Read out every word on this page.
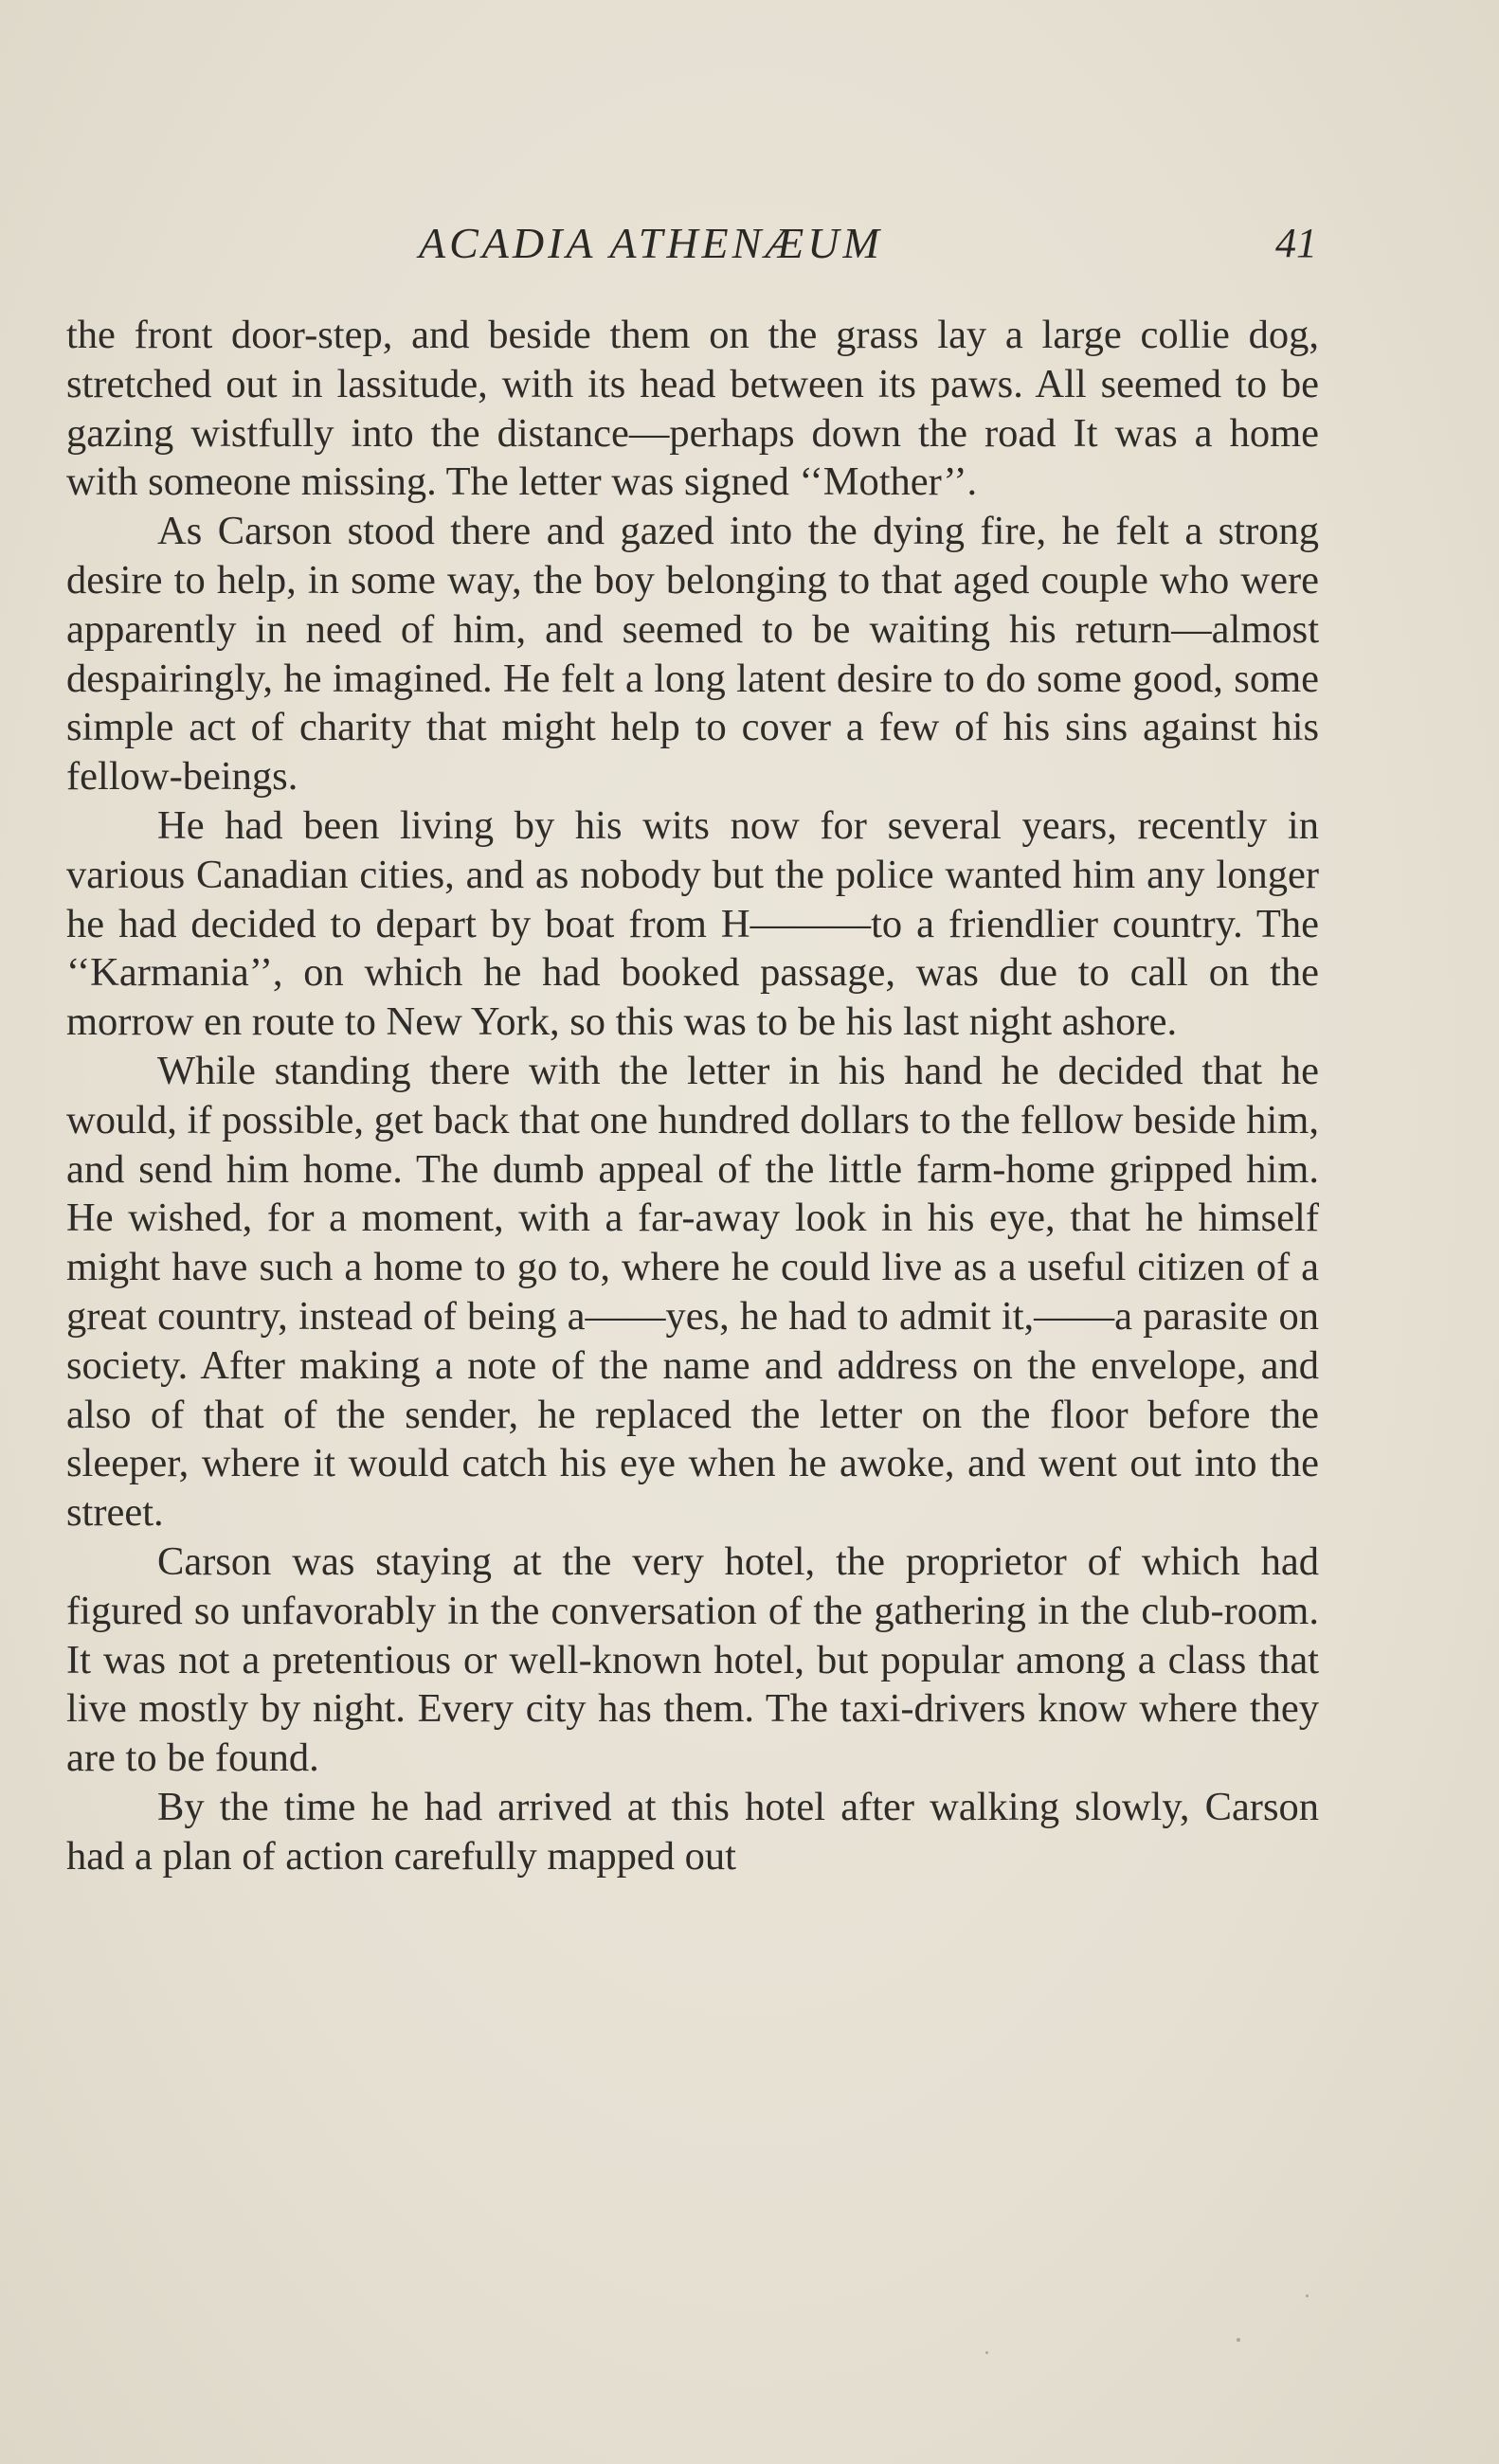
ACADIA ATHENÆUM	41

the front door-step, and beside them on the grass lay a large collie dog, stretched out in lassitude, with its head between its paws. All seemed to be gazing wistfully into the distance—perhaps down the road It was a home with someone missing. The letter was signed ‘‘Mother’’.

As Carson stood there and gazed into the dying fire, he felt a strong desire to help, in some way, the boy belonging to that aged couple who were apparently in need of him, and seemed to be waiting his return—almost despairingly, he imagined. He felt a long latent desire to do some good, some simple act of charity that might help to cover a few of his sins against his fellow-beings.

He had been living by his wits now for several years, recently in various Canadian cities, and as nobody but the police wanted him any longer he had decided to depart by boat from H———to a friendlier country. The ‘‘Karmania’’, on which he had booked passage, was due to call on the morrow en route to New York, so this was to be his last night ashore.

While standing there with the letter in his hand he decided that he would, if possible, get back that one hundred dollars to the fellow beside him, and send him home. The dumb appeal of the little farm-home gripped him. He wished, for a moment, with a far-away look in his eye, that he himself might have such a home to go to, where he could live as a useful citizen of a great country, instead of being a——yes, he had to admit it,——a parasite on society. After making a note of the name and address on the envelope, and also of that of the sender, he replaced the letter on the floor before the sleeper, where it would catch his eye when he awoke, and went out into the street.

Carson was staying at the very hotel, the proprietor of which had figured so unfavorably in the conversation of the gathering in the club-room. It was not a pretentious or well-known hotel, but popular among a class that live mostly by night. Every city has them. The taxi-drivers know where they are to be found.

By the time he had arrived at this hotel after walking slowly, Carson had a plan of action carefully mapped out
